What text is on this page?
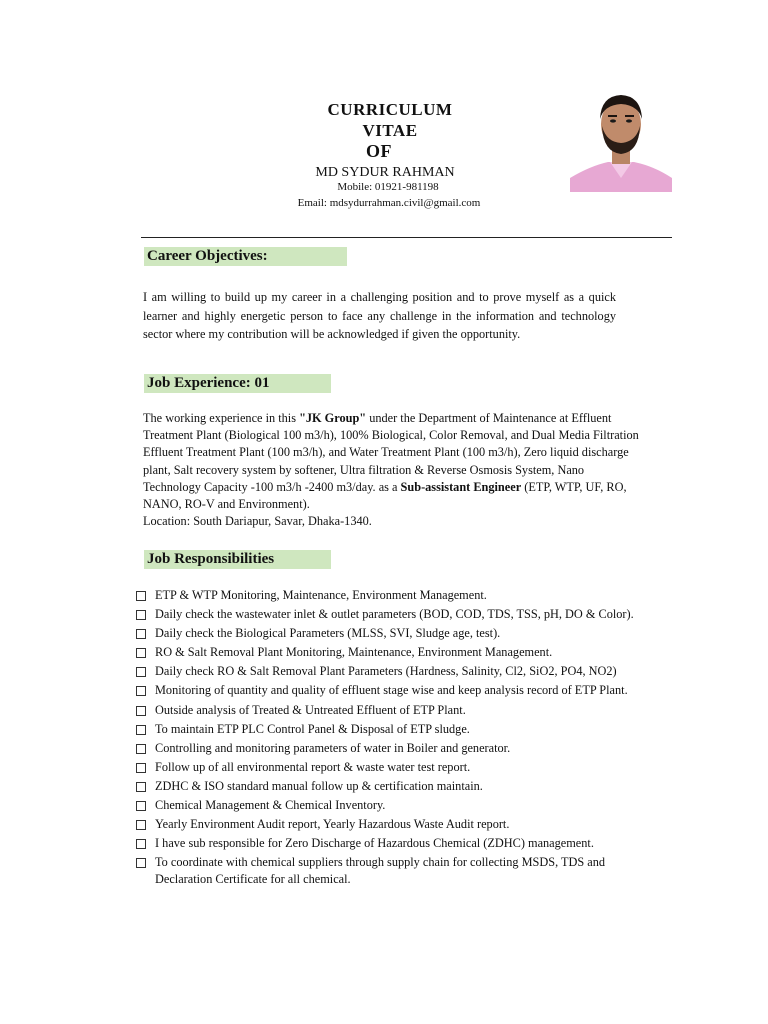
CURRICULUM
VITAE
OF
MD SYDUR RAHMAN
Mobile: 01921-981198
Email: mdsydurrahman.civil@gmail.com
Career Objectives:
I am willing to build up my career in a challenging position and to prove myself as a quick learner and highly energetic person to face any challenge in the information and technology sector where my contribution will be acknowledged if given the opportunity.
Job Experience: 01
The working experience in this "JK Group" under the Department of Maintenance at Effluent Treatment Plant (Biological 100 m3/h), 100% Biological, Color Removal, and Dual Media Filtration Effluent Treatment Plant (100 m3/h), and Water Treatment Plant (100 m3/h), Zero liquid discharge plant, Salt recovery system by softener, Ultra filtration & Reverse Osmosis System, Nano Technology Capacity -100 m3/h -2400 m3/day. as a Sub-assistant Engineer (ETP, WTP, UF, RO, NANO, RO-V and Environment).
Location: South Dariapur, Savar, Dhaka-1340.
Job Responsibilities
ETP & WTP Monitoring, Maintenance, Environment Management.
Daily check the wastewater inlet & outlet parameters (BOD, COD, TDS, TSS, pH, DO & Color).
Daily check the Biological Parameters (MLSS, SVI, Sludge age, test).
RO & Salt Removal Plant Monitoring, Maintenance, Environment Management.
Daily check RO & Salt Removal Plant Parameters (Hardness, Salinity, Cl2, SiO2, PO4, NO2)
Monitoring of quantity and quality of effluent stage wise and keep analysis record of ETP Plant.
Outside analysis of Treated & Untreated Effluent of ETP Plant.
To maintain ETP PLC Control Panel & Disposal of ETP sludge.
Controlling and monitoring parameters of water in Boiler and generator.
Follow up of all environmental report & waste water test report.
ZDHC & ISO standard manual follow up & certification maintain.
Chemical Management & Chemical Inventory.
Yearly Environment Audit report, Yearly Hazardous Waste Audit report.
I have sub responsible for Zero Discharge of Hazardous Chemical (ZDHC) management.
To coordinate with chemical suppliers through supply chain for collecting MSDS, TDS and Declaration Certificate for all chemical.
